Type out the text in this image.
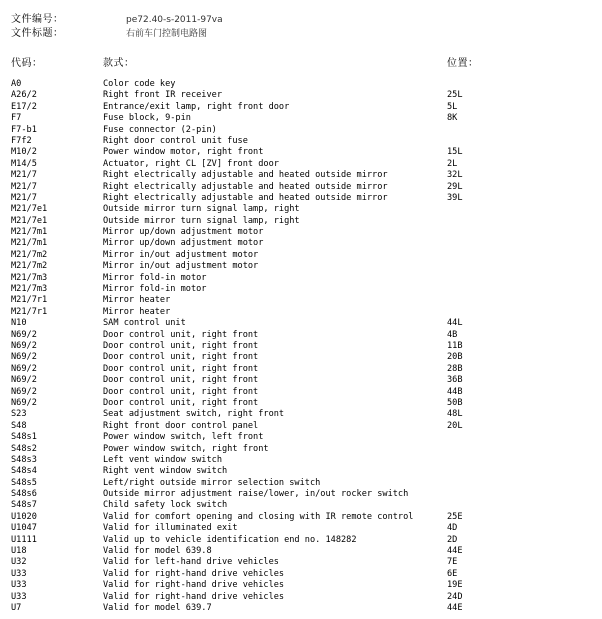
文件编号：	pe72.40-s-2011-97va
文件标题：	右前车门控制电路图
代码：	款式：	位置：
A0	Color code key
A26/2	Right front IR receiver	25L
E17/2	Entrance/exit lamp, right front door	5L
F7	Fuse block, 9-pin	8K
F7-b1	Fuse connector (2-pin)
F7f2	Right door control unit fuse
M10/2	Power window motor, right front	15L
M14/5	Actuator, right CL [ZV] front door	2L
M21/7	Right electrically adjustable and heated outside mirror	32L
M21/7	Right electrically adjustable and heated outside mirror	29L
M21/7	Right electrically adjustable and heated outside mirror	39L
M21/7e1	Outside mirror turn signal lamp, right
M21/7e1	Outside mirror turn signal lamp, right
M21/7m1	Mirror up/down adjustment motor
M21/7m1	Mirror up/down adjustment motor
M21/7m2	Mirror in/out adjustment motor
M21/7m2	Mirror in/out adjustment motor
M21/7m3	Mirror fold-in motor
M21/7m3	Mirror fold-in motor
M21/7r1	Mirror heater
M21/7r1	Mirror heater
N10	SAM control unit	44L
N69/2	Door control unit, right front	4B
N69/2	Door control unit, right front	11B
N69/2	Door control unit, right front	20B
N69/2	Door control unit, right front	28B
N69/2	Door control unit, right front	36B
N69/2	Door control unit, right front	44B
N69/2	Door control unit, right front	50B
S23	Seat adjustment switch, right front	48L
S48	Right front door control panel	20L
S48s1	Power window switch, left front
S48s2	Power window switch, right front
S48s3	Left vent window switch
S48s4	Right vent window switch
S48s5	Left/right outside mirror selection switch
S48s6	Outside mirror adjustment raise/lower, in/out rocker switch
S48s7	Child safety lock switch
U1020	Valid for comfort opening and closing with IR remote control	25E
U1047	Valid for illuminated exit	4D
U1111	Valid up to vehicle identification end no. 148282	2D
U18	Valid for model 639.8	44E
U32	Valid for left-hand drive vehicles	7E
U33	Valid for right-hand drive vehicles	6E
U33	Valid for right-hand drive vehicles	19E
U33	Valid for right-hand drive vehicles	24D
U7	Valid for model 639.7	44E
